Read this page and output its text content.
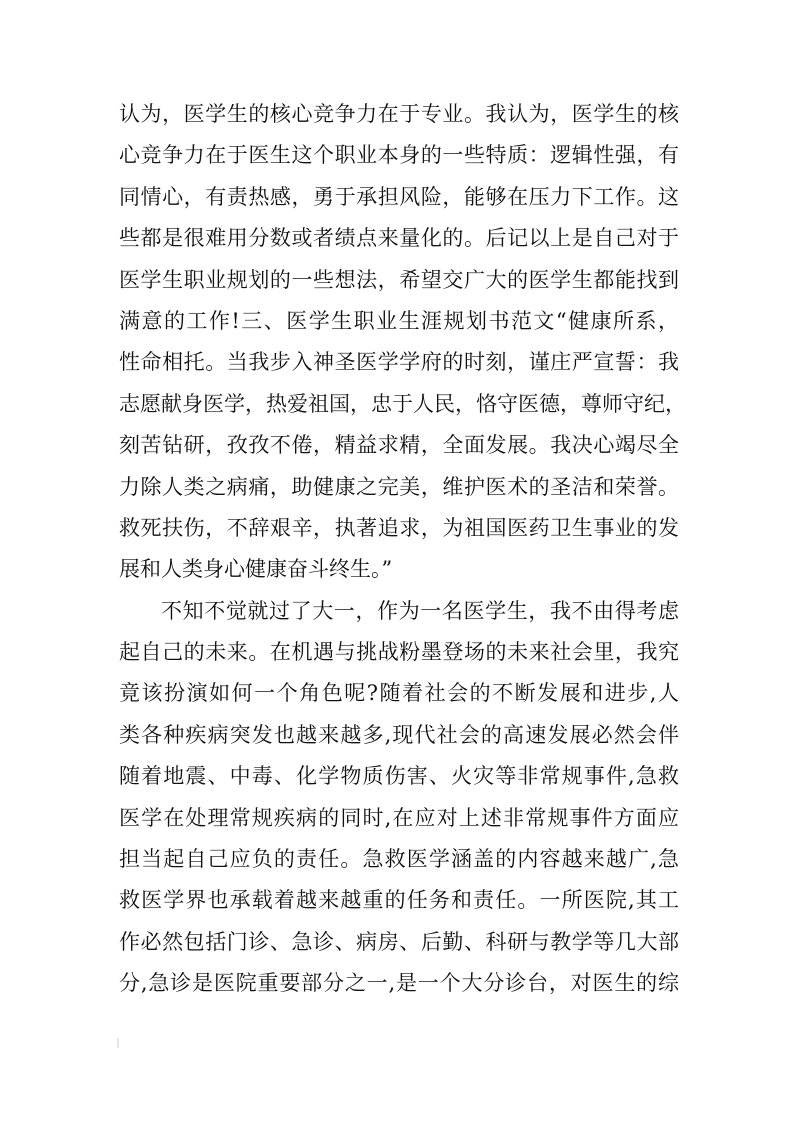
认为，医学生的核心竞争力在于专业。我认为，医学生的核
心竞争力在于医生这个职业本身的一些特质：逻辑性强，有
同情心，有责热感，勇于承担风险，能够在压力下工作。这
些都是很难用分数或者绩点来量化的。后记以上是自己对于
医学生职业规划的一些想法，希望交广大的医学生都能找到
满意的工作!三、医学生职业生涯规划书范文“健康所系，
性命相托。当我步入神圣医学学府的时刻，谨庄严宣誓：我
志愿献身医学，热爱祖国，忠于人民，恪守医德，尊师守纪，
刻苦钻研，孜孜不倦，精益求精，全面发展。我决心竭尽全
力除人类之病痛，助健康之完美，维护医术的圣洁和荣誉。
救死扶伤，不辞艰辛，执著追求，为祖国医药卫生事业的发
展和人类身心健康奋斗终生。”
不知不觉就过了大一，作为一名医学生，我不由得考虑
起自己的未来。在机遇与挑战粉墨登场的未来社会里，我究
竟该扮演如何一个角色呢?随着社会的不断发展和进步,人
类各种疾病突发也越来越多,现代社会的高速发展必然会伴
随着地震、中毒、化学物质伤害、火灾等非常规事件,急救
医学在处理常规疾病的同时,在应对上述非常规事件方面应
担当起自己应负的责任。急救医学涵盖的内容越来越广,急
救医学界也承载着越来越重的任务和责任。一所医院,其工
作必然包括门诊、急诊、病房、后勤、科研与教学等几大部
分,急诊是医院重要部分之一,是一个大分诊台，对医生的综
